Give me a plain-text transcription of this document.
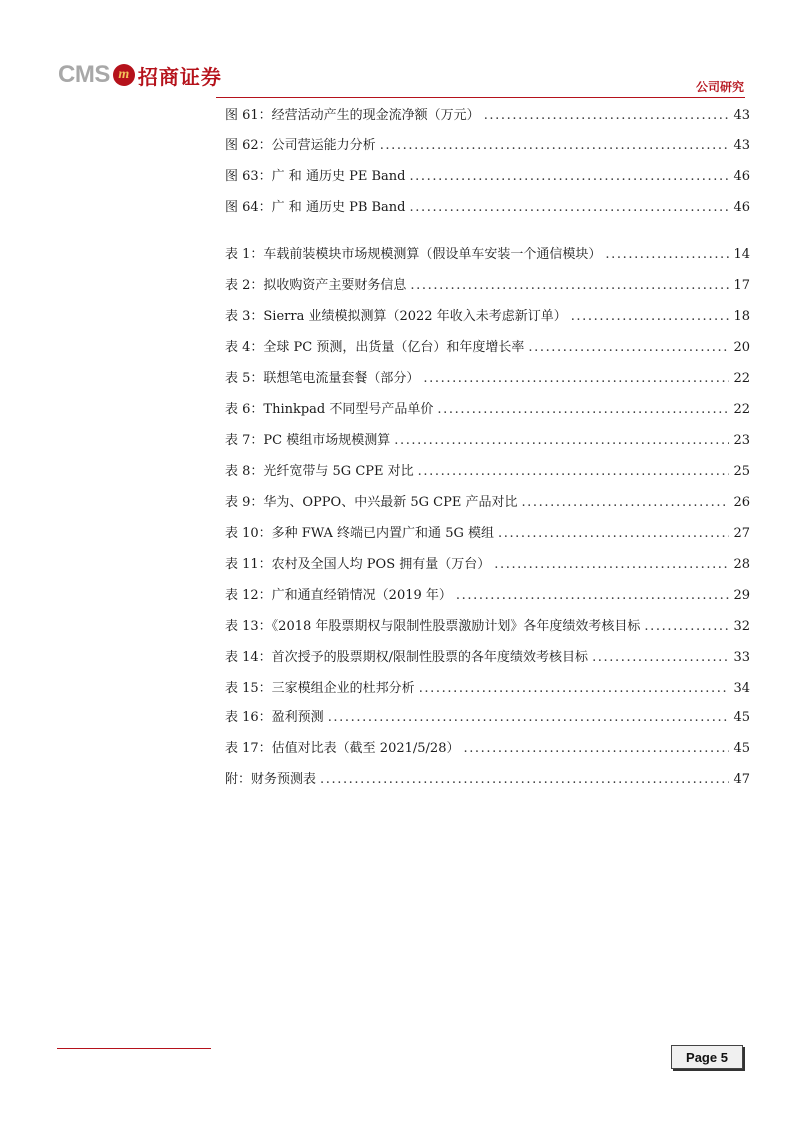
CMS m 招商证券	公司研究
图 61：经营活动产生的现金流净额（万元） .....	43
图 62：公司营运能力分析 .....	43
图 63：广 和 通历史 PE Band .....	46
图 64：广 和 通历史 PB Band .....	46
表 1：车载前装模块市场规模测算（假设单车安装一个通信模块） .....	14
表 2：拟收购资产主要财务信息 .....	17
表 3：Sierra 业绩模拟测算（2022 年收入未考虑新订单） .....	18
表 4：全球 PC 预测，出货量（亿台）和年度增长率 .....	20
表 5：联想笔电流量套餐（部分） .....	22
表 6：Thinkpad 不同型号产品单价 .....	22
表 7：PC 模组市场规模测算 .....	23
表 8：光纤宽带与 5G CPE 对比 .....	25
表 9：华为、OPPO、中兴最新 5G CPE 产品对比 .....	26
表 10：多种 FWA 终端已内置广和通 5G 模组 .....	27
表 11：农村及全国人均 POS 拥有量（万台） .....	28
表 12：广和通直经销情况（2019 年） .....	29
表 13：《2018 年股票期权与限制性股票激励计划》各年度绩效考核目标 .....	32
表 14：首次授予的股票期权/限制性股票的各年度绩效考核目标 .....	33
表 15：三家模组企业的杜邦分析 .....	34
表 16：盈利预测 .....	45
表 17：估值对比表（截至 2021/5/28） .....	45
附：财务预测表 .....	47
Page 5
